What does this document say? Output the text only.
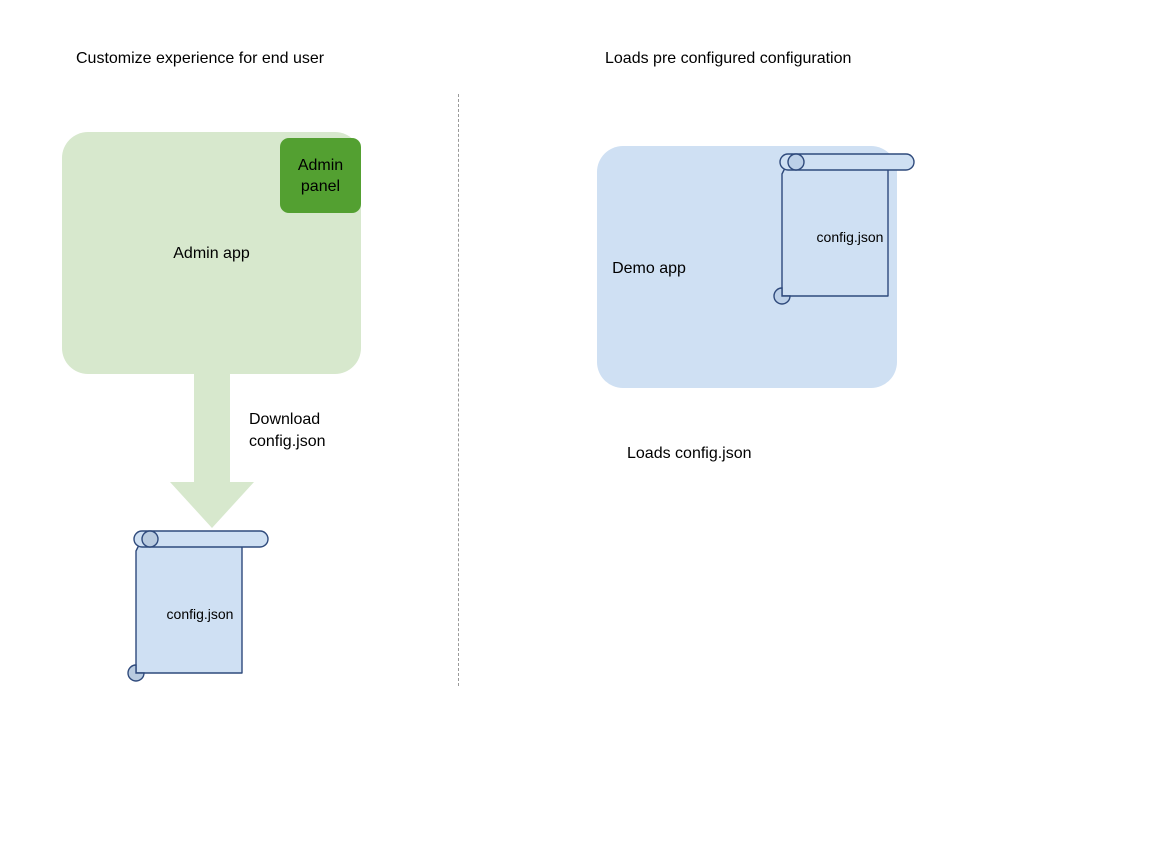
Customize experience for end user	Loads pre configured configuration
Admin app
Admin
panel
Download
config.json
config.json
Demo app
config.json
Loads config.json
